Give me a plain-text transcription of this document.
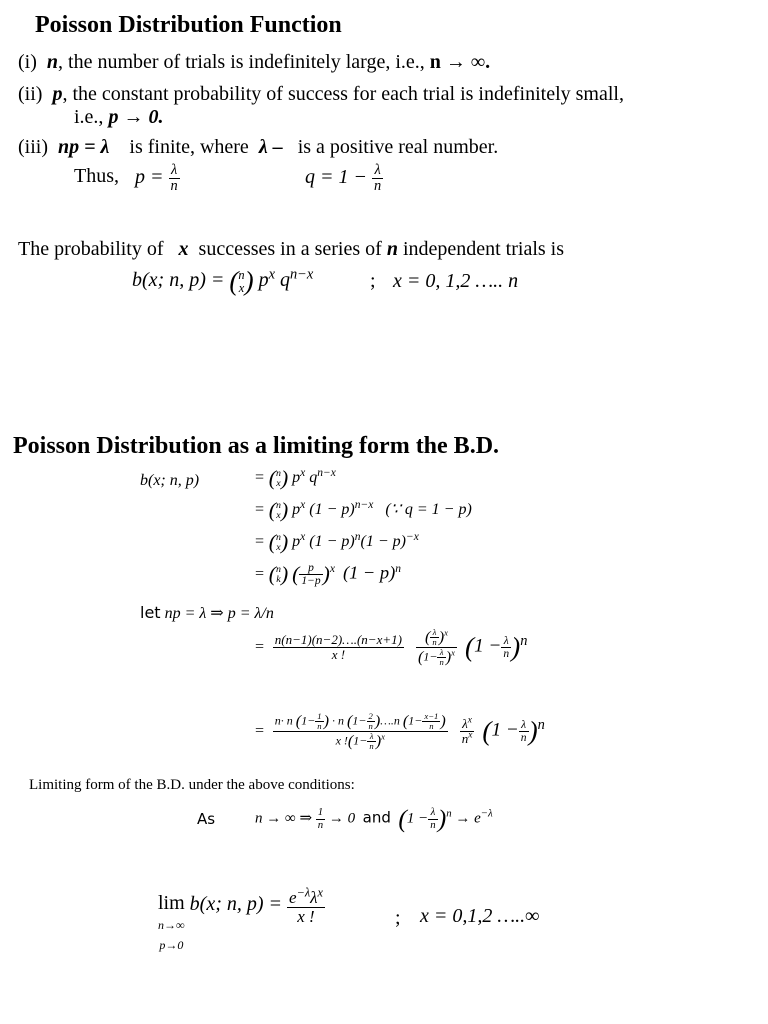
Poisson Distribution Function
(i) n, the number of trials is indefinitely large, i.e., n → ∞.
(ii) p, the constant probability of success for each trial is indefinitely small,
i.e., p → 0.
(iii) np = λ is finite, where λ – is a positive real number.
Thus, $p = \frac{\lambda}{n}$	$q = 1 - \frac{\lambda}{n}$
The probability of x successes in a series of n independent trials is
b(x; n, p) = (n
x) $p^x$ $q^{n-x}$	; x = 0, 1,2 ….. n
Poisson Distribution as a limiting form the B.D.
b(x; n, p)	= (n
x) $p^x$ $q^{n-x}$
= (n
x) $p^x$ $(1 - p)^{n-x}$ (∵ q = 1 − p)
= (n
x) $p^x$ $(1 - p)^n(1 - p)^{-x}$
= (n
k) ( $\frac{p}{1-p} )^x$ $(1 - p)^n$
let np = λ ⇒ p = λ/n
= $\frac{n(n-1)(n-2)\dots.(n-x+1)}{x !}$
$\frac{( \frac{\lambda}{n} )^x}{(1- \frac{\lambda}{n} )^x} (1 - \frac{\lambda}{n} )n$
= $\frac{n\cdot n (1- \frac{1}{n} ) \cdot n (1- \frac{2}{n} )\dots.n (1- \frac{x-1}{n} )}{x !(1- \frac{\lambda}{n} )^x}$
$\frac{\lambda^x}{n^x} (1 - \frac{\lambda}{n} )n$
Limiting form of the B.D. under the above conditions:
As	n → ∞ ⇒ $\frac{1}{n} \to 0$ and $(1 - \frac{\lambda}{n} )^n \to e^{-\lambda}$
lim
n→∞
p→0 b(x; n, $p) = \frac{e^{-\lambda}\lambda^x}{x !}$	; x = 0,1,2 …..∞
